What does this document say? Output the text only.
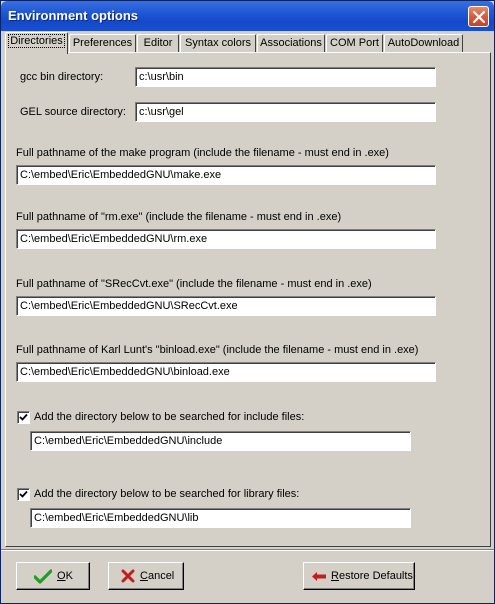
Environment options
Directories Preferences	Editor	Syntax colors Associations COM Port AutoDownload
gcc bin directory:	c:\usr\bin
GEL source directory:	c:\usr\gel
Full pathname of the make program (include the filename - must end in .exe)
C:\embed\Eric\EmbeddedGNU\make.exe
Full pathname of "rm.exe" (include the filename - must end in .exe)
C:\embed\Eric\EmbeddedGNU\rm.exe
Full pathname of "SRecCvt.exe" (include the filename - must end in .exe)
C:\embed\Eric\EmbeddedGNU\SRecCvt.exe
Full pathname of Karl Lunt's "binload.exe" (include the filename - must end in .exe)
C:\embed\Eric\EmbeddedGNU\binload.exe
Add the directory below to be searched for include files:
C:\embed\Eric\EmbeddedGNU\include
Add the directory below to be searched for library files:
C:\embed\Eric\EmbeddedGNU\lib
OK	Cancel	Restore Defaults
